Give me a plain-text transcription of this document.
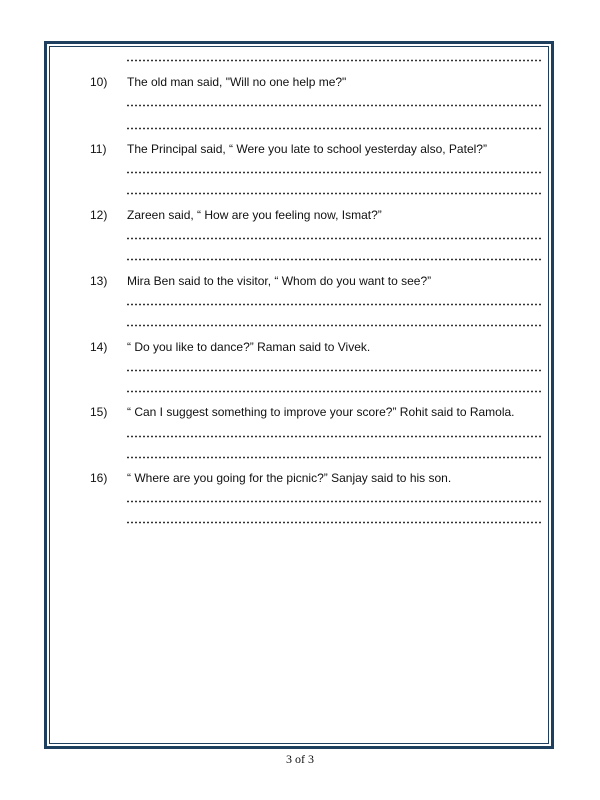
10) The old man said, "Will no one help me?"
11) The Principal said, “ Were you late to school yesterday also, Patel?”
12) Zareen said, “ How are you feeling now, Ismat?”
13) Mira Ben said to the visitor, “ Whom do you want to see?”
14) “ Do you like to dance?” Raman said to Vivek.
15) “ Can I suggest something to improve your score?” Rohit said to Ramola.
16) “ Where are you going for the picnic?” Sanjay said to his son.
3 of 3
